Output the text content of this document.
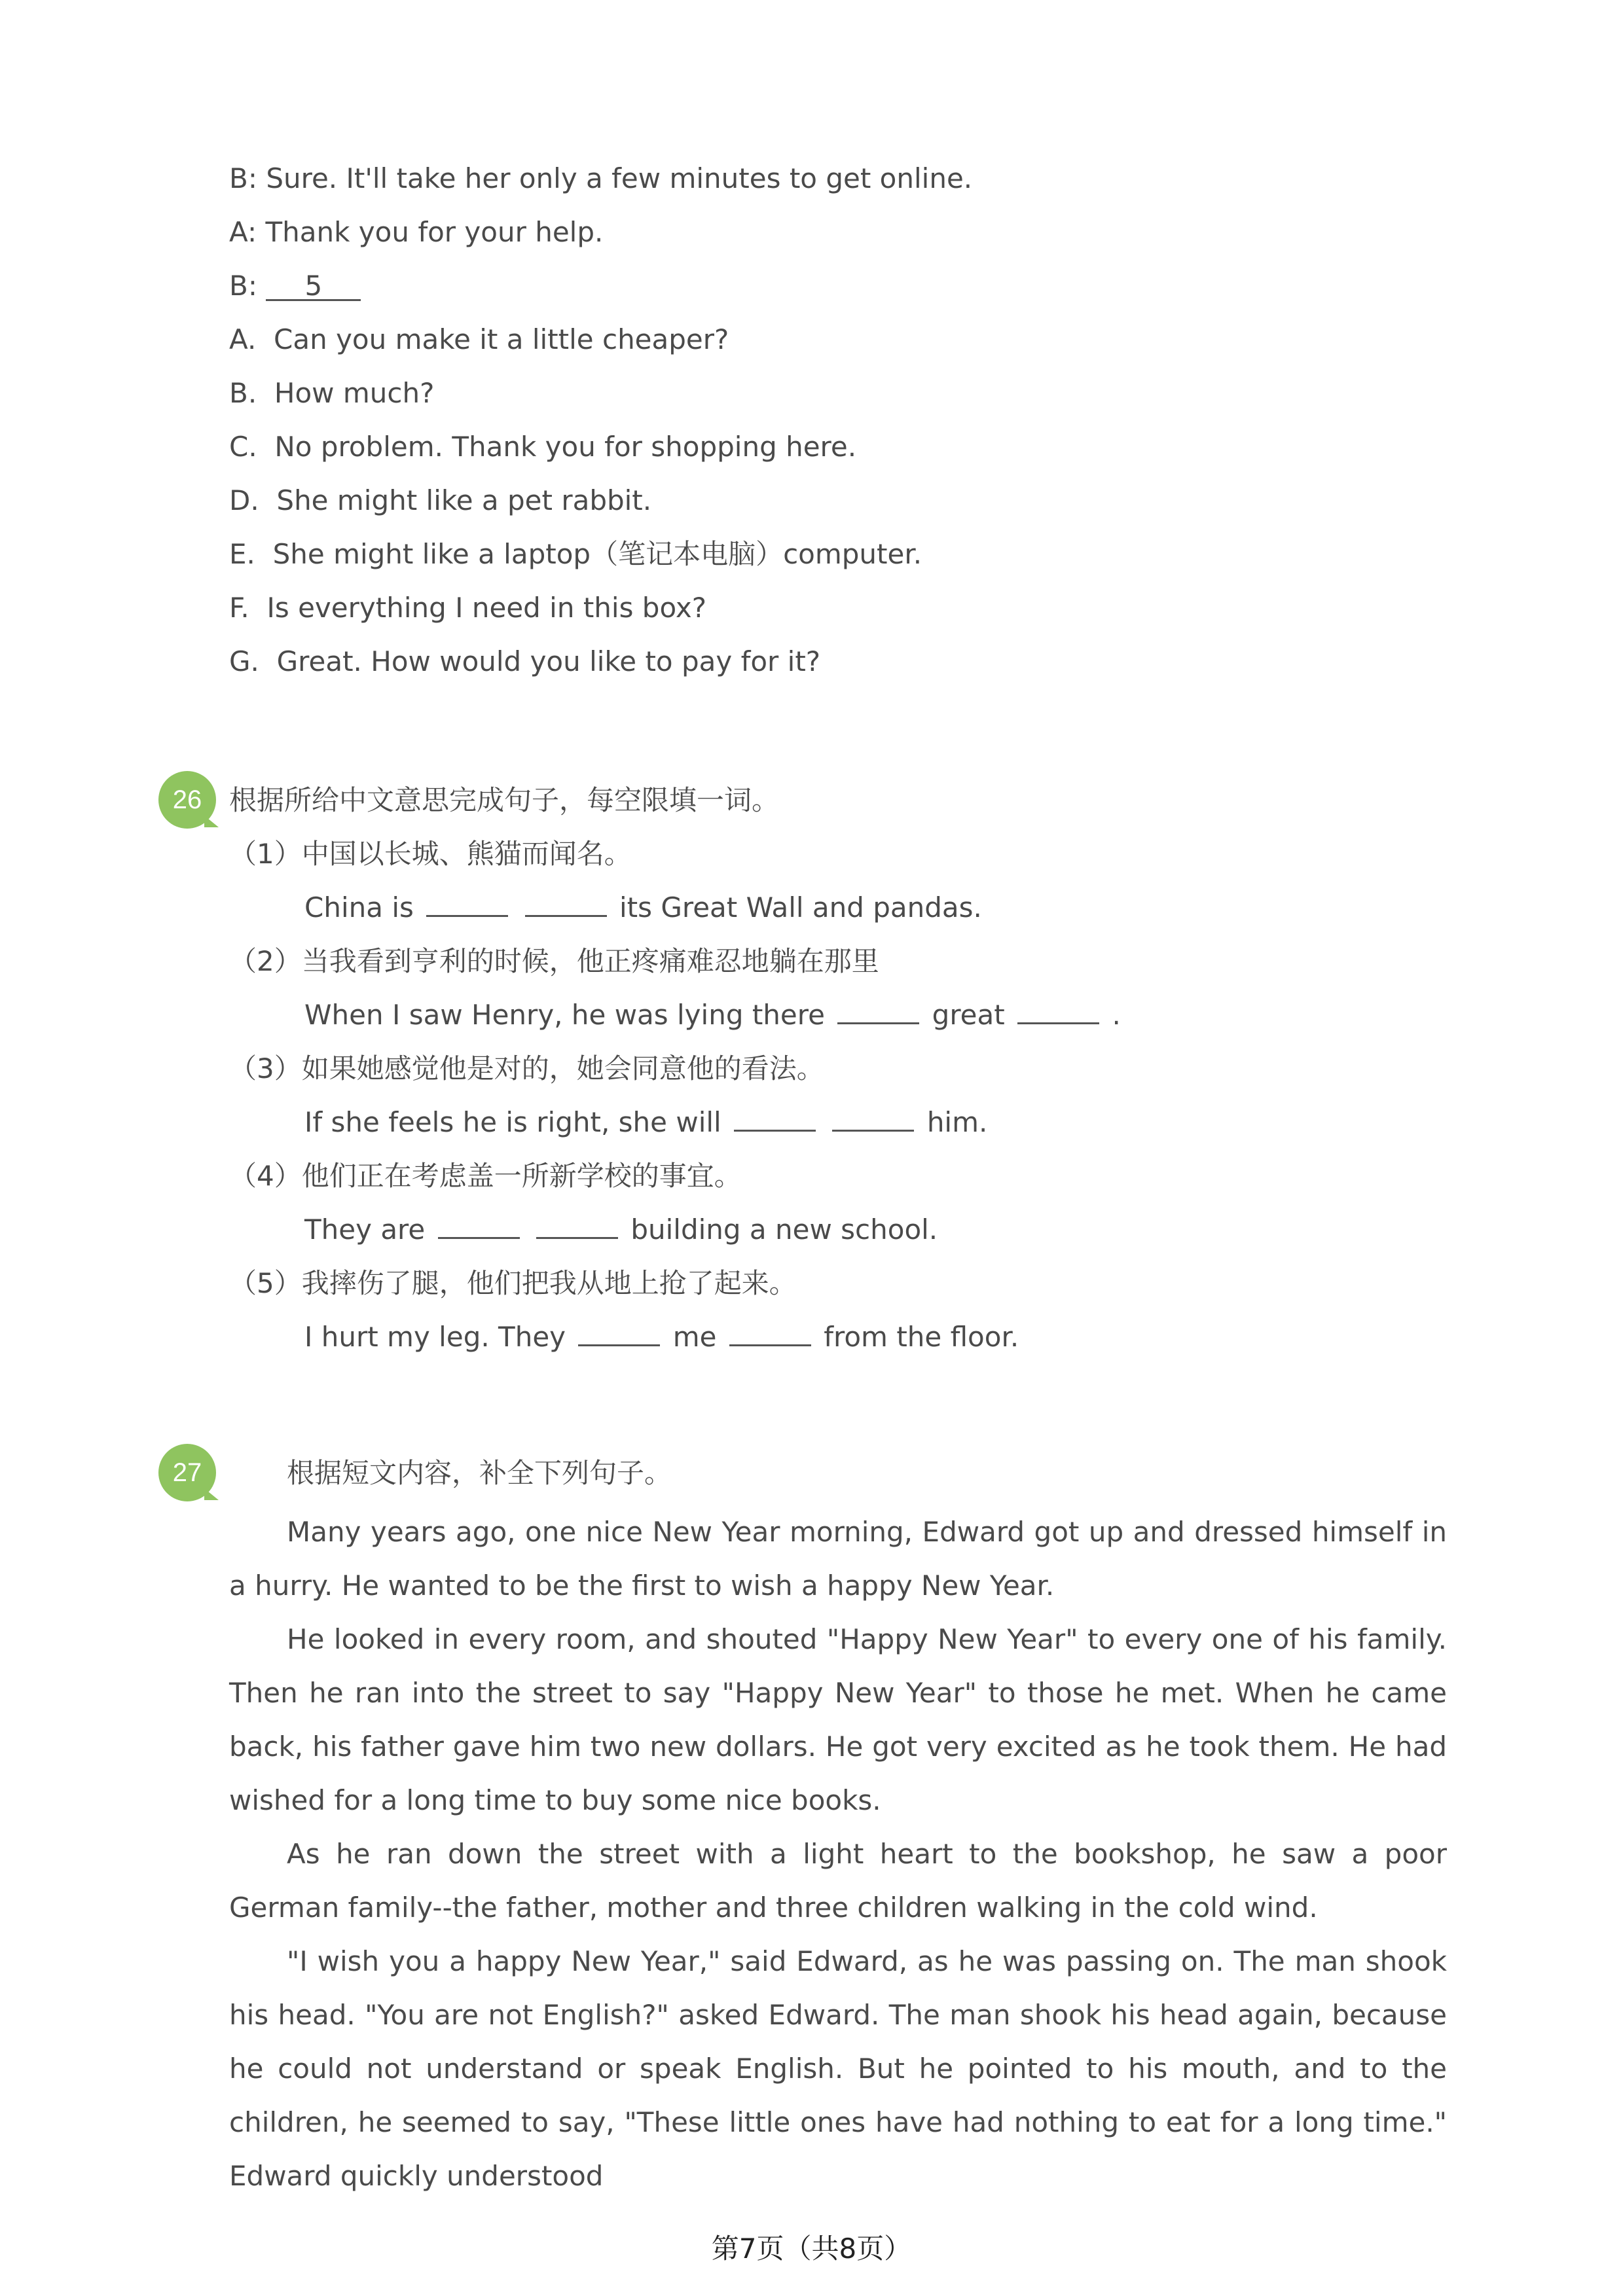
B: Sure. It'll take her only a few minutes to get online.
A: Thank you for your help.
B: 5
A. Can you make it a little cheaper?
B. How much?
C. No problem. Thank you for shopping here.
D. She might like a pet rabbit.
E. She might like a laptop（笔记本电脑）computer.
F. Is everything I need in this box?
G. Great. How would you like to pay for it?
26 根据所给中文意思完成句子，每空限填一词。
（1）中国以长城、熊猫而闻名。
China is	its Great Wall and pandas.
（2）当我看到亨利的时候，他正疼痛难忍地躺在那里
When I saw Henry, he was lying there	great	.
（3）如果她感觉他是对的，她会同意他的看法。
If she feels he is right, she will	him.
（4）他们正在考虑盖一所新学校的事宜。
They are	building a new school.
（5）我摔伤了腿，他们把我从地上抢了起来。
I hurt my leg. They	me	from the floor.
27	根据短文内容，补全下列句子。

Many years ago, one nice New Year morning, Edward got up and dressed himself in a hurry. He wanted to be the first to wish a happy New Year.

He looked in every room, and shouted "Happy New Year" to every one of his family. Then he ran into the street to say "Happy New Year" to those he met. When he came back, his father gave him two new dollars. He got very excited as he took them. He had wished for a long time to buy some nice books.

As he ran down the street with a light heart to the bookshop, he saw a poor German family--the father, mother and three children walking in the cold wind.

"I wish you a happy New Year," said Edward, as he was passing on. The man shook his head. "You are not English?" asked Edward. The man shook his head again, because he could not understand or speak English. But he pointed to his mouth, and to the children, he seemed to say, "These little ones have had nothing to eat for a long time." Edward quickly understood

第7页（共8页）
